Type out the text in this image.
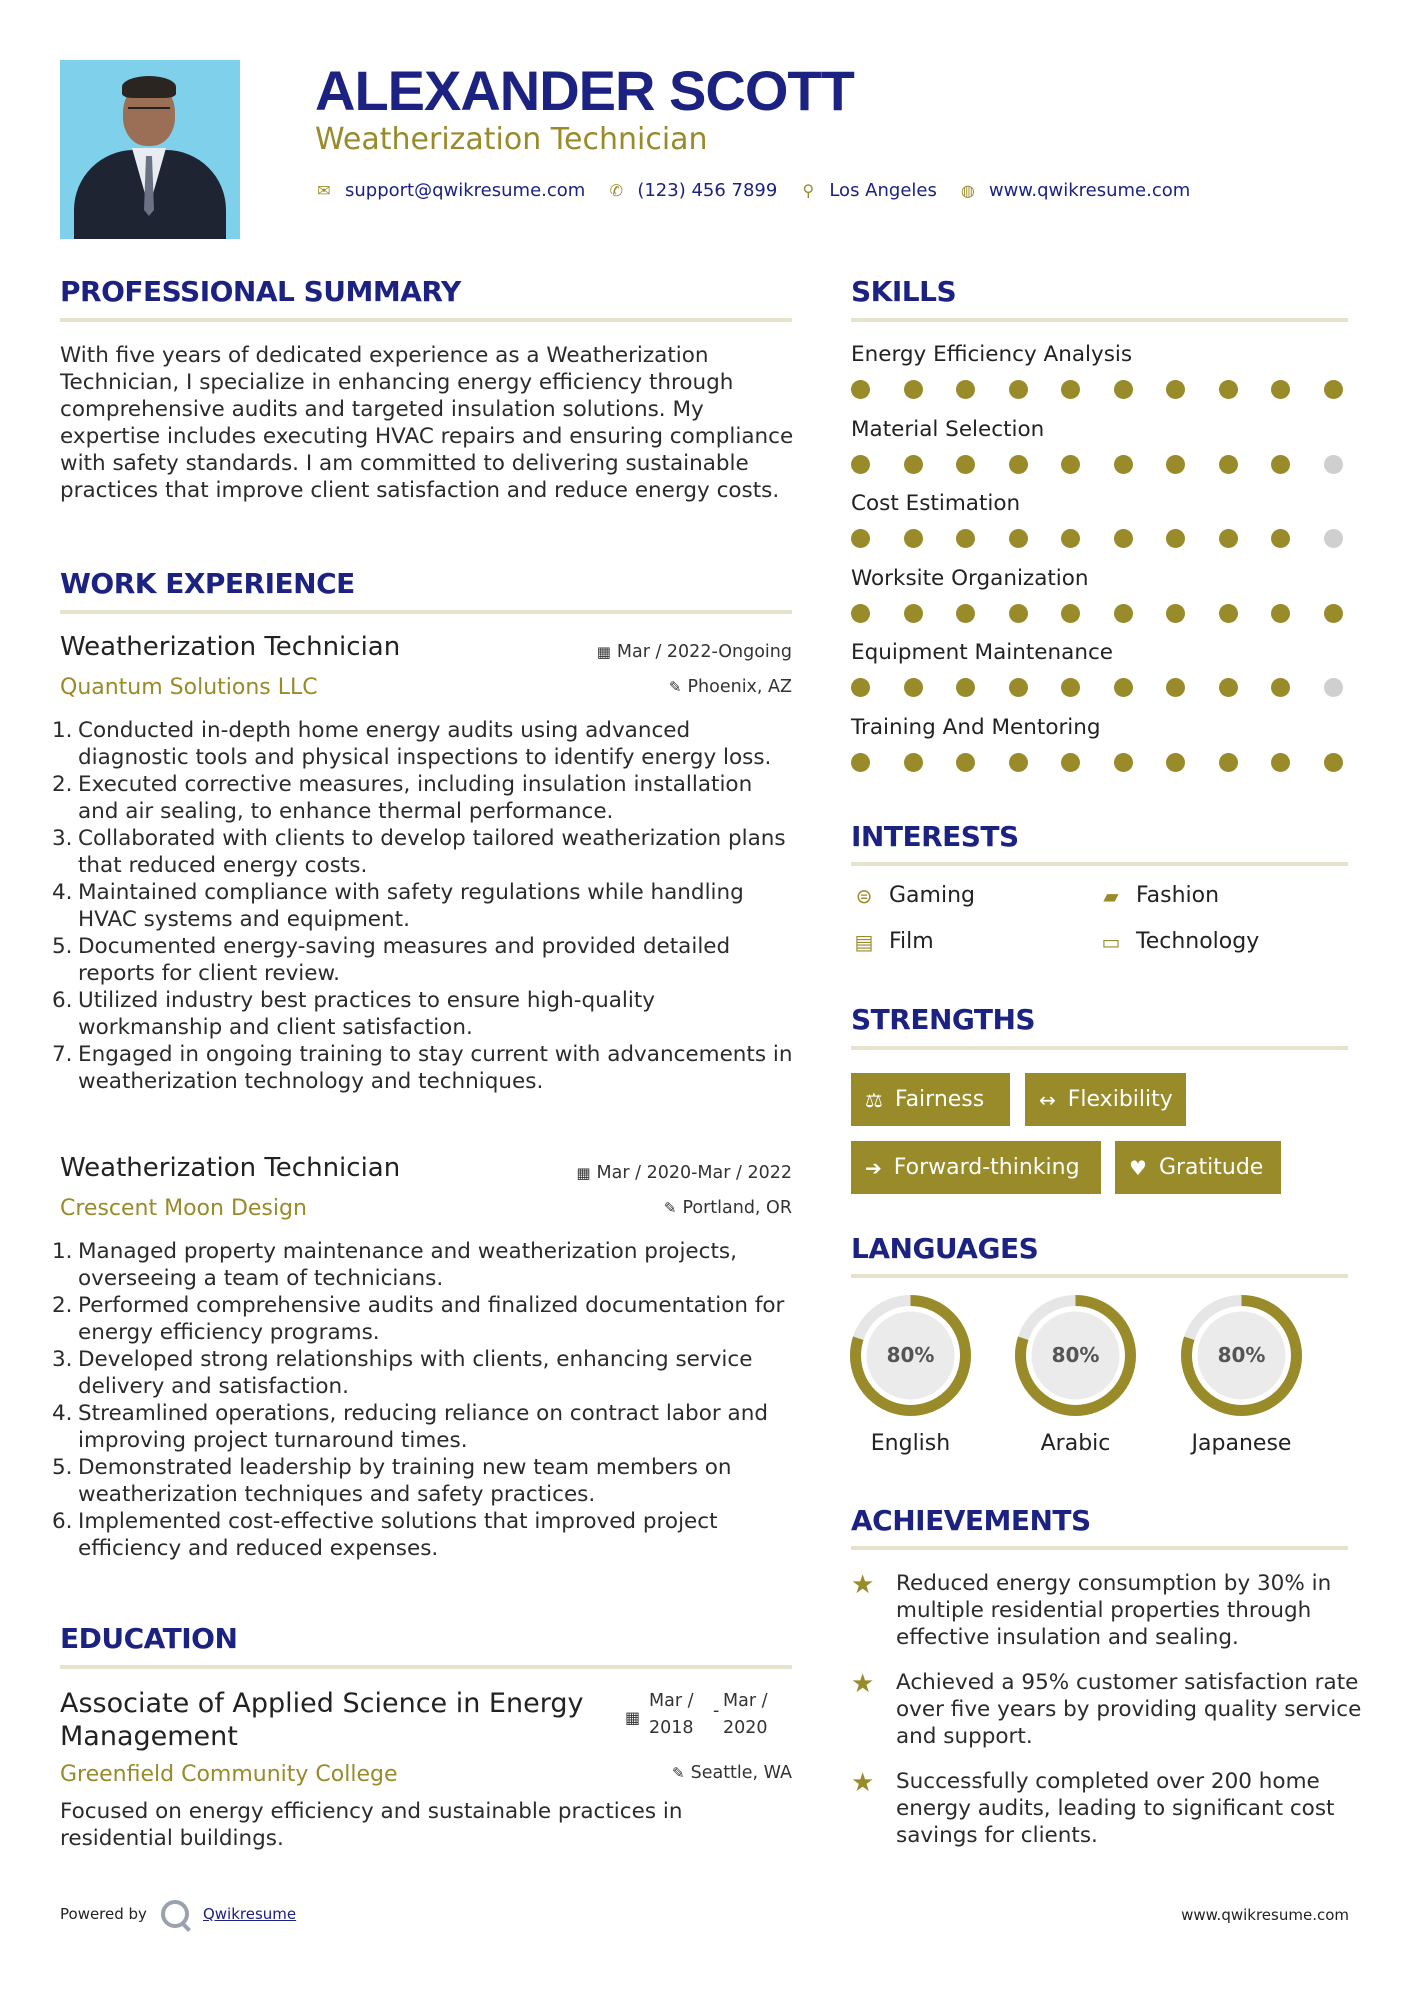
ALEXANDER SCOTT
Weatherization Technician
✉ support@qwikresume.com ✆ (123) 456 7899 ⚲ Los Angeles ◍ www.qwikresume.com
PROFESSIONAL SUMMARY
With five years of dedicated experience as a Weatherization Technician, I specialize in enhancing energy efficiency through comprehensive audits and targeted insulation solutions. My expertise includes executing HVAC repairs and ensuring compliance with safety standards. I am committed to delivering sustainable practices that improve client satisfaction and reduce energy costs.
WORK EXPERIENCE
Weatherization Technician	▦ Mar / 2022-Ongoing
Quantum Solutions LLC	✎ Phoenix, AZ
1. Conducted in-depth home energy audits using advanced diagnostic tools and physical inspections to identify energy loss.
2. Executed corrective measures, including insulation installation and air sealing, to enhance thermal performance.
3. Collaborated with clients to develop tailored weatherization plans that reduced energy costs.
4. Maintained compliance with safety regulations while handling HVAC systems and equipment.
5. Documented energy-saving measures and provided detailed reports for client review.
6. Utilized industry best practices to ensure high-quality workmanship and client satisfaction.
7. Engaged in ongoing training to stay current with advancements in weatherization technology and techniques.
Weatherization Technician	▦ Mar / 2020-Mar / 2022
Crescent Moon Design	✎ Portland, OR
1. Managed property maintenance and weatherization projects, overseeing a team of technicians.
2. Performed comprehensive audits and finalized documentation for energy efficiency programs.
3. Developed strong relationships with clients, enhancing service delivery and satisfaction.
4. Streamlined operations, reducing reliance on contract labor and improving project turnaround times.
5. Demonstrated leadership by training new team members on weatherization techniques and safety practices.
6. Implemented cost-effective solutions that improved project efficiency and reduced expenses.
EDUCATION
Associate of Applied Science in Energy Management
▦
Mar / 2018
- Mar / 2020
Greenfield Community College	✎ Seattle, WA
Focused on energy efficiency and sustainable practices in residential buildings.
SKILLS
Energy Efficiency Analysis
Material Selection
Cost Estimation
Worksite Organization
Equipment Maintenance
Training And Mentoring
INTERESTS
⊜ Gaming	▰ Fashion
▤ Film	▭ Technology
STRENGTHS
⚖ Fairness	↔ Flexibility
➔ Forward-thinking ♥ Gratitude
LANGUAGES
80%
English
80%
Arabic
80%
Japanese
ACHIEVEMENTS
★ Reduced energy consumption by 30% in multiple residential properties through effective insulation and sealing.
★ Achieved a 95% customer satisfaction rate over five years by providing quality service and support.
★ Successfully completed over 200 home energy audits, leading to significant cost savings for clients.
Powered by	Qwikresume	www.qwikresume.com
